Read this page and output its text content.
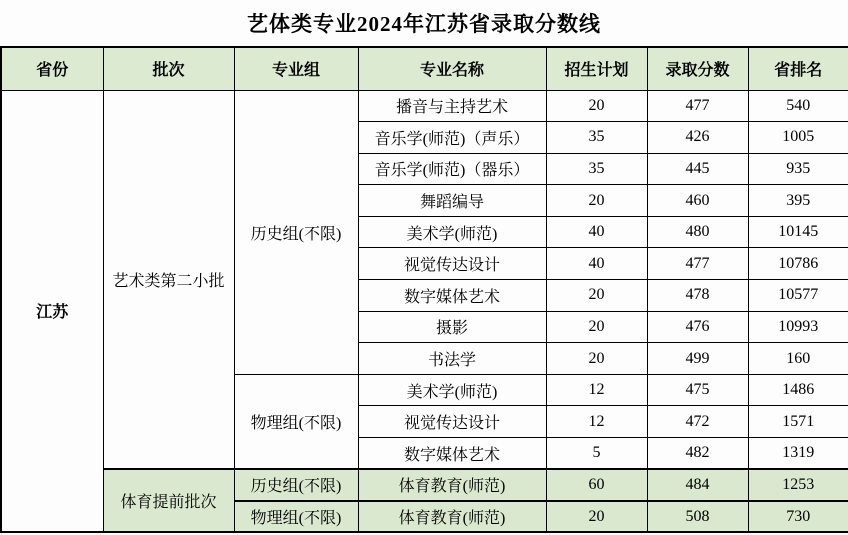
艺体类专业2024年江苏省录取分数线
省份	批次	专业组	专业名称	招生计划	录取分数	省排名
江苏	艺术类第二小批	历史组(不限)	播音与主持艺术	20	477	540
			音乐学(师范)（声乐）	35	426	1005
			音乐学(师范)（器乐）	35	445	935
			舞蹈编导	20	460	395
			美术学(师范)	40	480	10145
			视觉传达设计	40	477	10786
			数字媒体艺术	20	478	10577
			摄影	20	476	10993
			书法学	20	499	160
		物理组(不限)	美术学(师范)	12	475	1486
			视觉传达设计	12	472	1571
			数字媒体艺术	5	482	1319
	体育提前批次	历史组(不限)	体育教育(师范)	60	484	1253
		物理组(不限)	体育教育(师范)	20	508	730
